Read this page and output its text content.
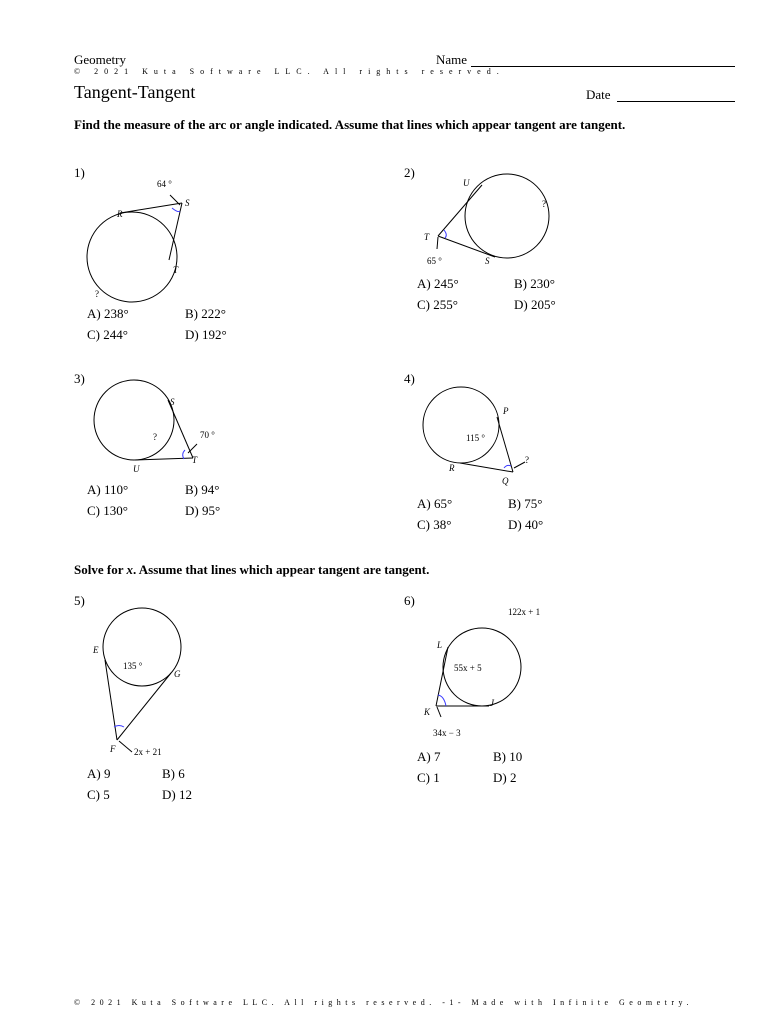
Geometry
© 2021 Kuta Software LLC. All rights reserved.
Name
Tangent-Tangent	Date
Find the measure of the arc or angle indicated. Assume that lines which appear tangent are tangent.
1)
64 °
S
R
T
?
A) 238°	B) 222°
C) 244°	D) 192°
2)
U
?
T
65 °	S
A) 245°	B) 230°
C) 255°	D) 205°
3)
S
?	70 °
U
T
A) 110°	B) 94°
C) 130°	D) 95°
4)
P
115 °
R
?
Q
A) 65°	B) 75°
C) 38°	D) 40°
Solve for x. Assume that lines which appear tangent are tangent.
5)
E
135 °
G
F 2x + 21
A) 9	B) 6
C) 5	D) 12
6)
122x + 1
L
55x + 5
J
K
34x − 3
A) 7	B) 10
C) 1	D) 2
© 2021 Kuta Software LLC. All rights reserved. -1- Made with Infinite Geometry.
